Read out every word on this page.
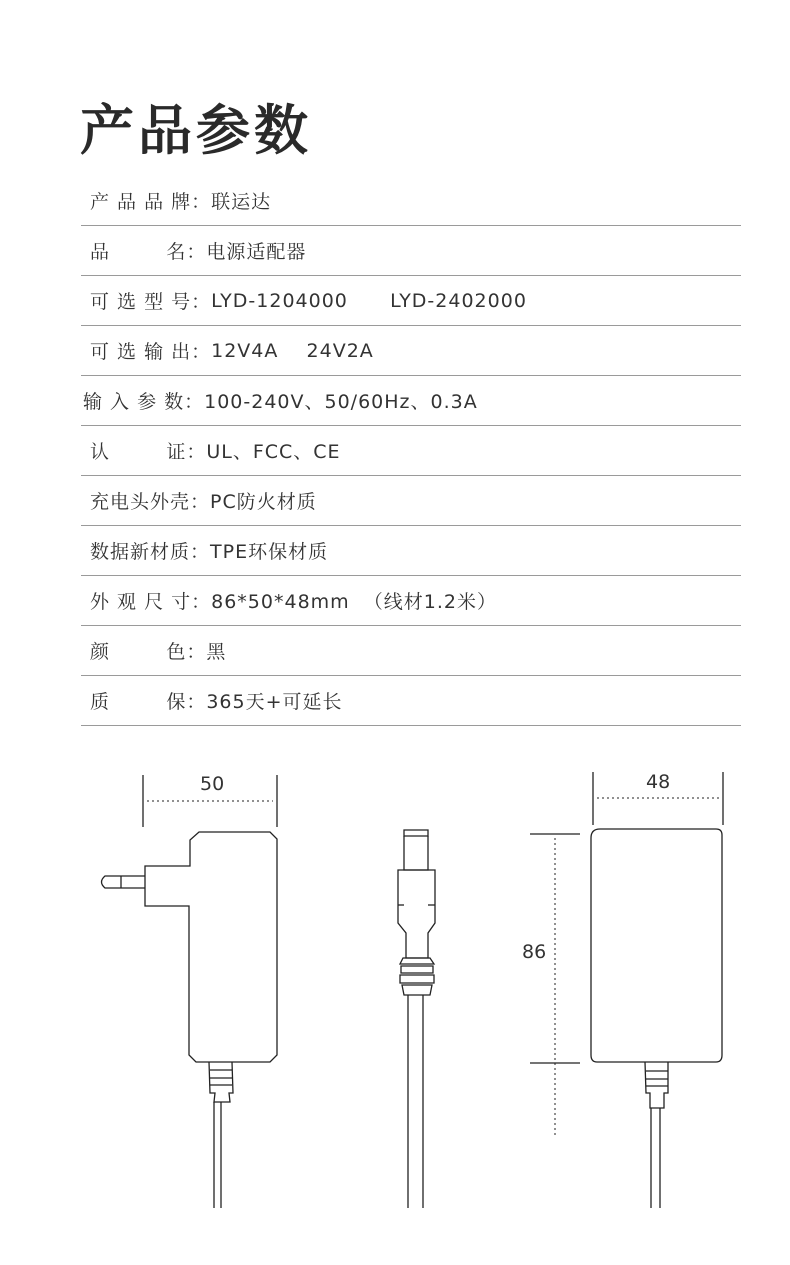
产品参数
产 品 品 牌： 联运达
品        名： 电源适配器
可 选 型 号： LYD-1204000      LYD-2402000
可 选 输 出： 12V4A    24V2A
输 入 参 数： 100-240V、50/60Hz、0.3A
认        证： UL、FCC、CE
充电头外壳： PC防火材质
数据新材质： TPE环保材质
外 观 尺 寸： 86*50*48mm  （线材1.2米）
颜        色： 黑
质        保： 365天+可延长
50	48
86
